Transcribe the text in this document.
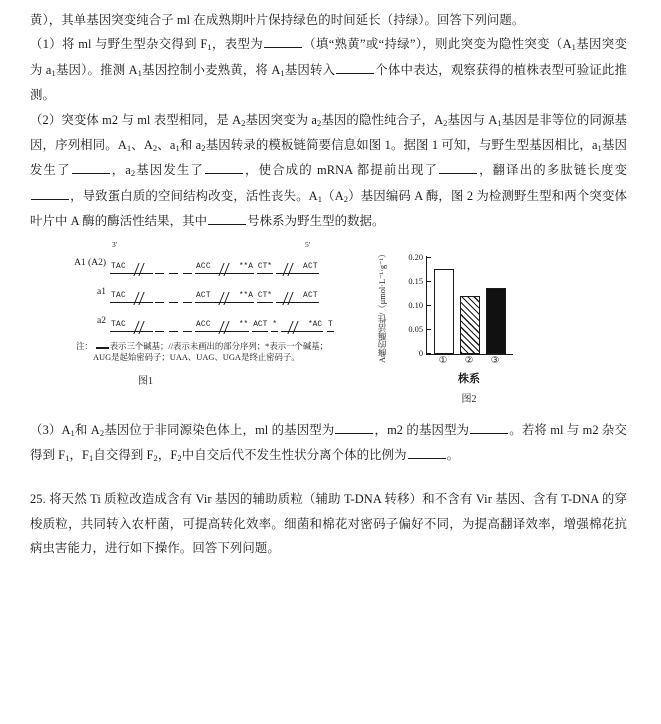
黄），其单基因突变纯合子 ml 在成熟期叶片保持绿色的时间延长（持绿）。回答下列问题。

（1）将 ml 与野生型杂交得到 $F_1$，表型为	（填“熟黄”或“持绿”），则此突变为隐性突变（$A_1$基因突变为 $a_1$基因）。推测 $A_1$基因控制小麦熟黄，将 $A_1$基因转入	个体中表达，观察获得的植株表型可验证此推测。

（2）突变体 m2 与 ml 表型相同，是 $A_2$基因突变为 $a_2$基因的隐性纯合子，$A_2$基因与 $A_1$基因是非等位的同源基因，序列相同。$A_1$、$A_2$、$a_1$和 $a_2$基因转录的模板链简要信息如图 1。据图 1 可知，与野生型基因相比，$a_1$基因发生了	，$a_2$基因发生了	，使合成的 mRNA 都提前出现了	，翻译出的多肽链长度变，导致蛋白质的空间结构改变，活性丧失。$A_1(A_2)$基因编码 A 酶，图 2 为检测野生型和两个突变体叶片中 A 酶的酶活性结果，其中	号株系为野生型的数据。

3'	5'
A1 (A2) TAC	ACC	**A CT*	ACT
a1 TAC	ACT	**A CT*	ACT
a2 TAC	ACC	** ACT *	*AC T
注： 表示三个碱基；//表示未画出的部分序列；*表示一个碱基；
AUG是起始密码子；UAA、UAG、UGA是终止密码子。
图1
A酶的酶活性/（μmol·L⁻¹·g⁻¹）	0.20
0.15
0.10
0.05
0
①	②	③
株系
图2

$(3)A_1$和 $A_2$基因位于非同源染色体上，ml 的基因型为	，m2 的基因型为	。若将 ml 与 m2 杂交得到 $F_1$，$F_1$自交得到 $F_2$，$F_2$中自交后代不发生性状分离个体的比例为	。

25. 将天然 Ti 质粒改造成含有 Vir 基因的辅助质粒（辅助 T-DNA 转移）和不含有 Vir 基因、含有 T-DNA 的穿梭质粒，共同转入农杆菌，可提高转化效率。细菌和棉花对密码子偏好不同，为提高翻译效率，增强棉花抗病虫害能力，进行如下操作。回答下列问题。
